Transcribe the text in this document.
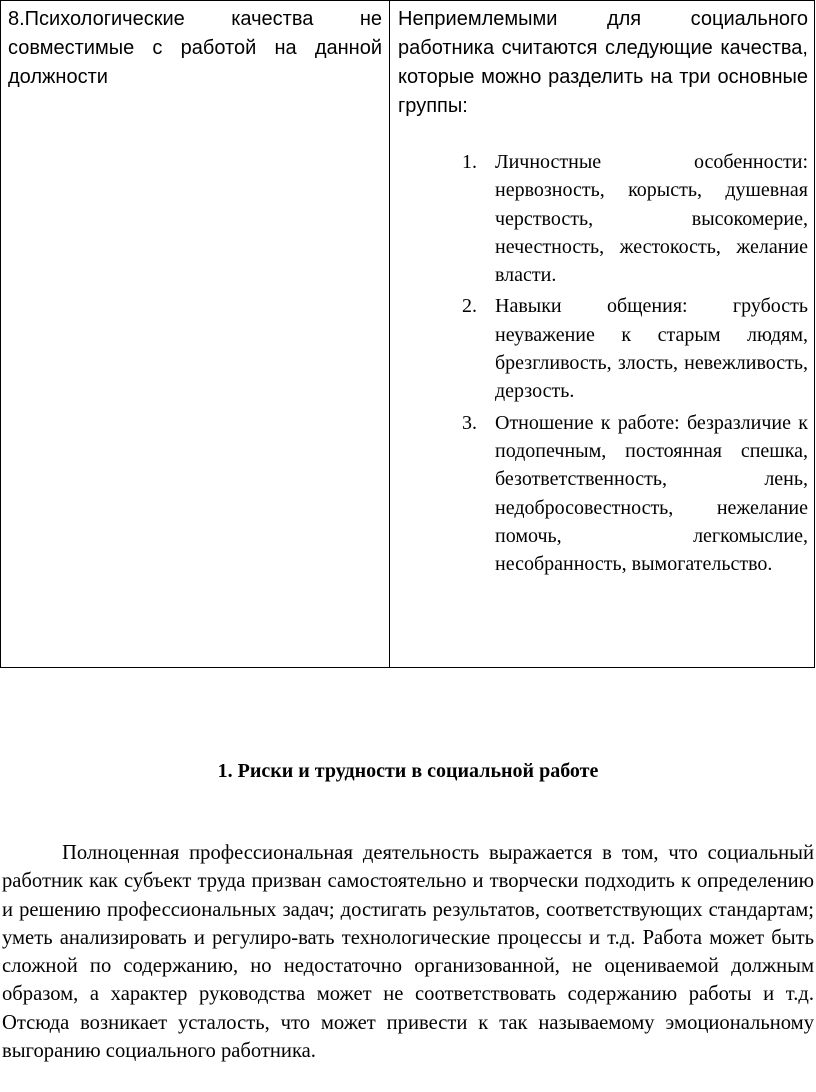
8.Психологические качества не совместимые с работой на данной должности

Неприемлемыми для социального работника считаются следующие качества, которые можно разделить на три основные группы:

1. Личностные особенности: нервозность, корысть, душевная черствость, высокомерие, нечестность, жестокость, желание власти.
2. Навыки общения: грубость неуважение к старым людям, брезгливость, злость, невежливость, дерзость.
3. Отношение к работе: безразличие к подопечным, постоянная спешка, безответственность, лень, недобросовестность, нежелание помочь, легкомыслие, несобранность, вымогательство.
1. Риски и трудности в социальной работе
Полноценная профессиональная деятельность выражается в том, что социальный работник как субъект труда призван самостоятельно и творчески подходить к определению и решению профессиональных задач; достигать результатов, соответствующих стандартам; уметь анализировать и регулиро-вать технологические процессы и т.д. Работа может быть сложной по содержанию, но недостаточно организованной, не оцениваемой должным образом, а характер руководства может не соответствовать содержанию работы и т.д. Отсюда возникает усталость, что может привести к так называемому эмоциональному выгоранию социального работника.
